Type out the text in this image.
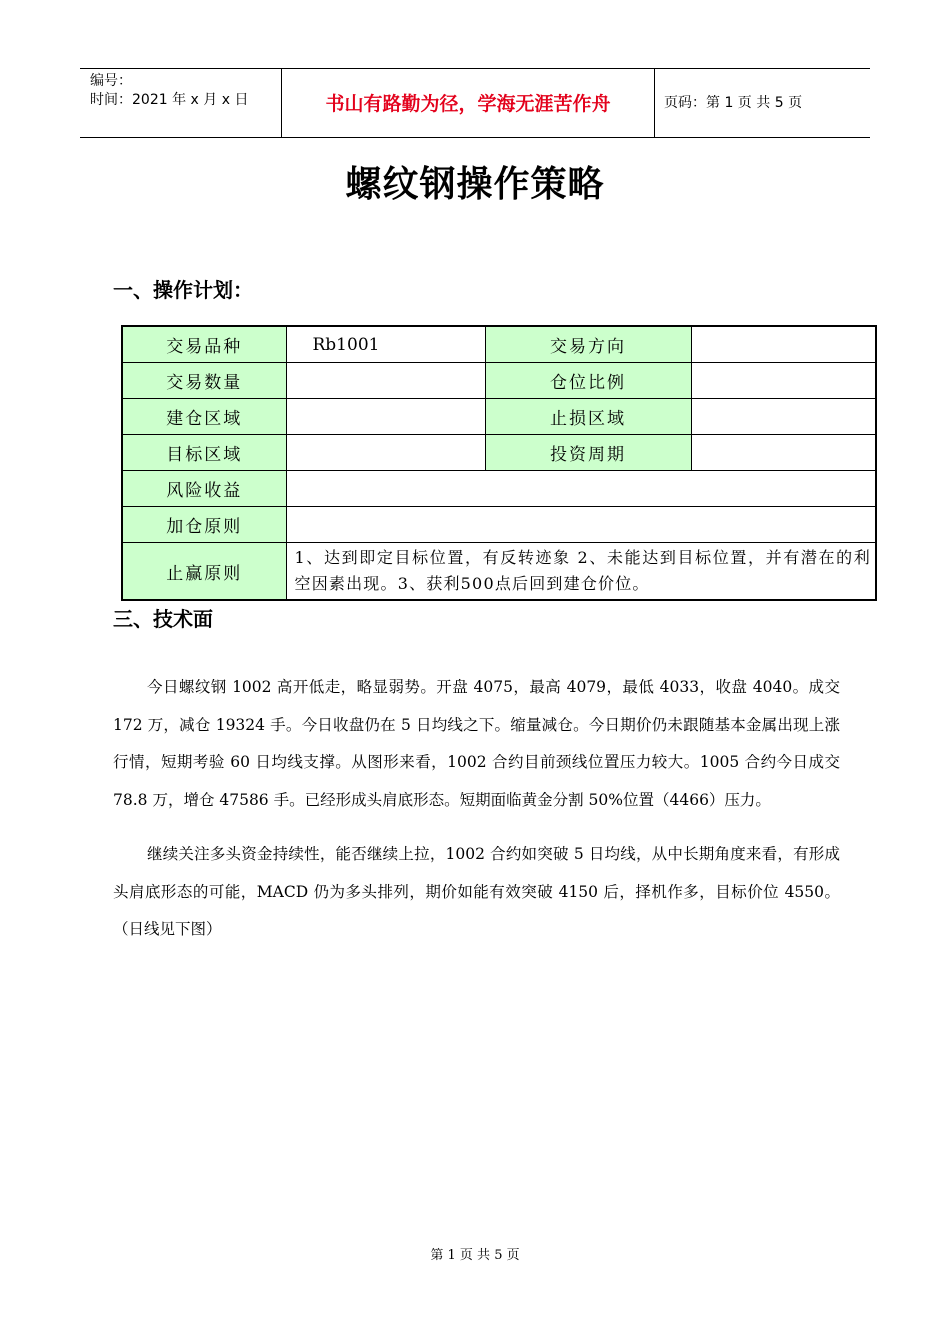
编号：
时间：2021 年 x 月 x 日	书山有路勤为径，学海无涯苦作舟	页码：第 1 页 共 5 页
螺纹钢操作策略
一、操作计划：
交易品种	Rb1001	交易方向	
交易数量		仓位比例	
建仓区域		止损区域	
目标区域		投资周期	
风险收益			
加仓原则			
止赢原则	1、达到即定目标位置，有反转迹象 2、未能达到目标位置，并有潜在的利空因素出现。3、获利500点后回到建仓价位。		
三、技术面
今日螺纹钢 1002 高开低走，略显弱势。开盘 4075，最高 4079，最低 4033，收盘 4040。成交 172 万，减仓 19324 手。今日收盘仍在 5 日均线之下。缩量减仓。今日期价仍未跟随基本金属出现上涨行情，短期考验 60 日均线支撑。从图形来看，1002 合约目前颈线位置压力较大。1005 合约今日成交 78.8 万，增仓 47586 手。已经形成头肩底形态。短期面临黄金分割 50%位置（4466）压力。
继续关注多头资金持续性，能否继续上拉，1002 合约如突破 5 日均线，从中长期角度来看，有形成头肩底形态的可能，MACD 仍为多头排列，期价如能有效突破 4150 后，择机作多，目标价位 4550。（日线见下图）
第 1 页 共 5 页
